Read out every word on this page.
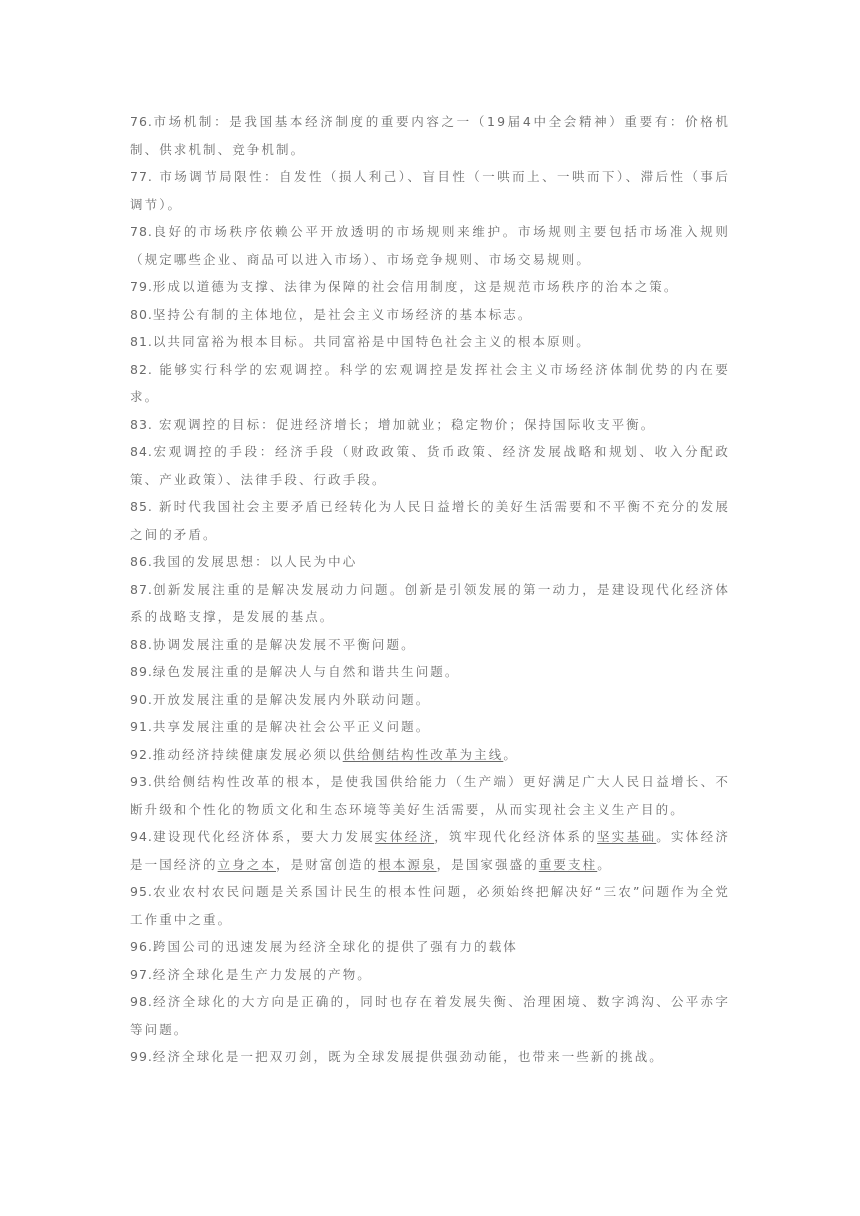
76.市场机制：是我国基本经济制度的重要内容之一（19届4中全会精神）重要有：价格机制、供求机制、竞争机制。

77. 市场调节局限性：自发性（损人利己）、盲目性（一哄而上、一哄而下）、滞后性（事后调节）。

78.良好的市场秩序依赖公平开放透明的市场规则来维护。市场规则主要包括市场准入规则（规定哪些企业、商品可以进入市场）、市场竞争规则、市场交易规则。

79.形成以道德为支撑、法律为保障的社会信用制度，这是规范市场秩序的治本之策。

80.坚持公有制的主体地位，是社会主义市场经济的基本标志。

81.以共同富裕为根本目标。共同富裕是中国特色社会主义的根本原则。

82. 能够实行科学的宏观调控。科学的宏观调控是发挥社会主义市场经济体制优势的内在要求。

83. 宏观调控的目标：促进经济增长；增加就业；稳定物价；保持国际收支平衡。

84.宏观调控的手段：经济手段（财政政策、货币政策、经济发展战略和规划、收入分配政策、产业政策）、法律手段、行政手段。

85. 新时代我国社会主要矛盾已经转化为人民日益增长的美好生活需要和不平衡不充分的发展之间的矛盾。

86.我国的发展思想：以人民为中心

87.创新发展注重的是解决发展动力问题。创新是引领发展的第一动力，是建设现代化经济体系的战略支撑，是发展的基点。

88.协调发展注重的是解决发展不平衡问题。

89.绿色发展注重的是解决人与自然和谐共生问题。

90.开放发展注重的是解决发展内外联动问题。

91.共享发展注重的是解决社会公平正义问题。

92.推动经济持续健康发展必须以供给侧结构性改革为主线。

93.供给侧结构性改革的根本，是使我国供给能力（生产端）更好满足广大人民日益增长、不断升级和个性化的物质文化和生态环境等美好生活需要，从而实现社会主义生产目的。

94.建设现代化经济体系，要大力发展实体经济，筑牢现代化经济体系的坚实基础。实体经济是一国经济的立身之本，是财富创造的根本源泉，是国家强盛的重要支柱。

95.农业农村农民问题是关系国计民生的根本性问题，必须始终把解决好“三农”问题作为全党工作重中之重。

96.跨国公司的迅速发展为经济全球化的提供了强有力的载体

97.经济全球化是生产力发展的产物。

98.经济全球化的大方向是正确的，同时也存在着发展失衡、治理困境、数字鸿沟、公平赤字等问题。

99.经济全球化是一把双刃剑，既为全球发展提供强劲动能，也带来一些新的挑战。
